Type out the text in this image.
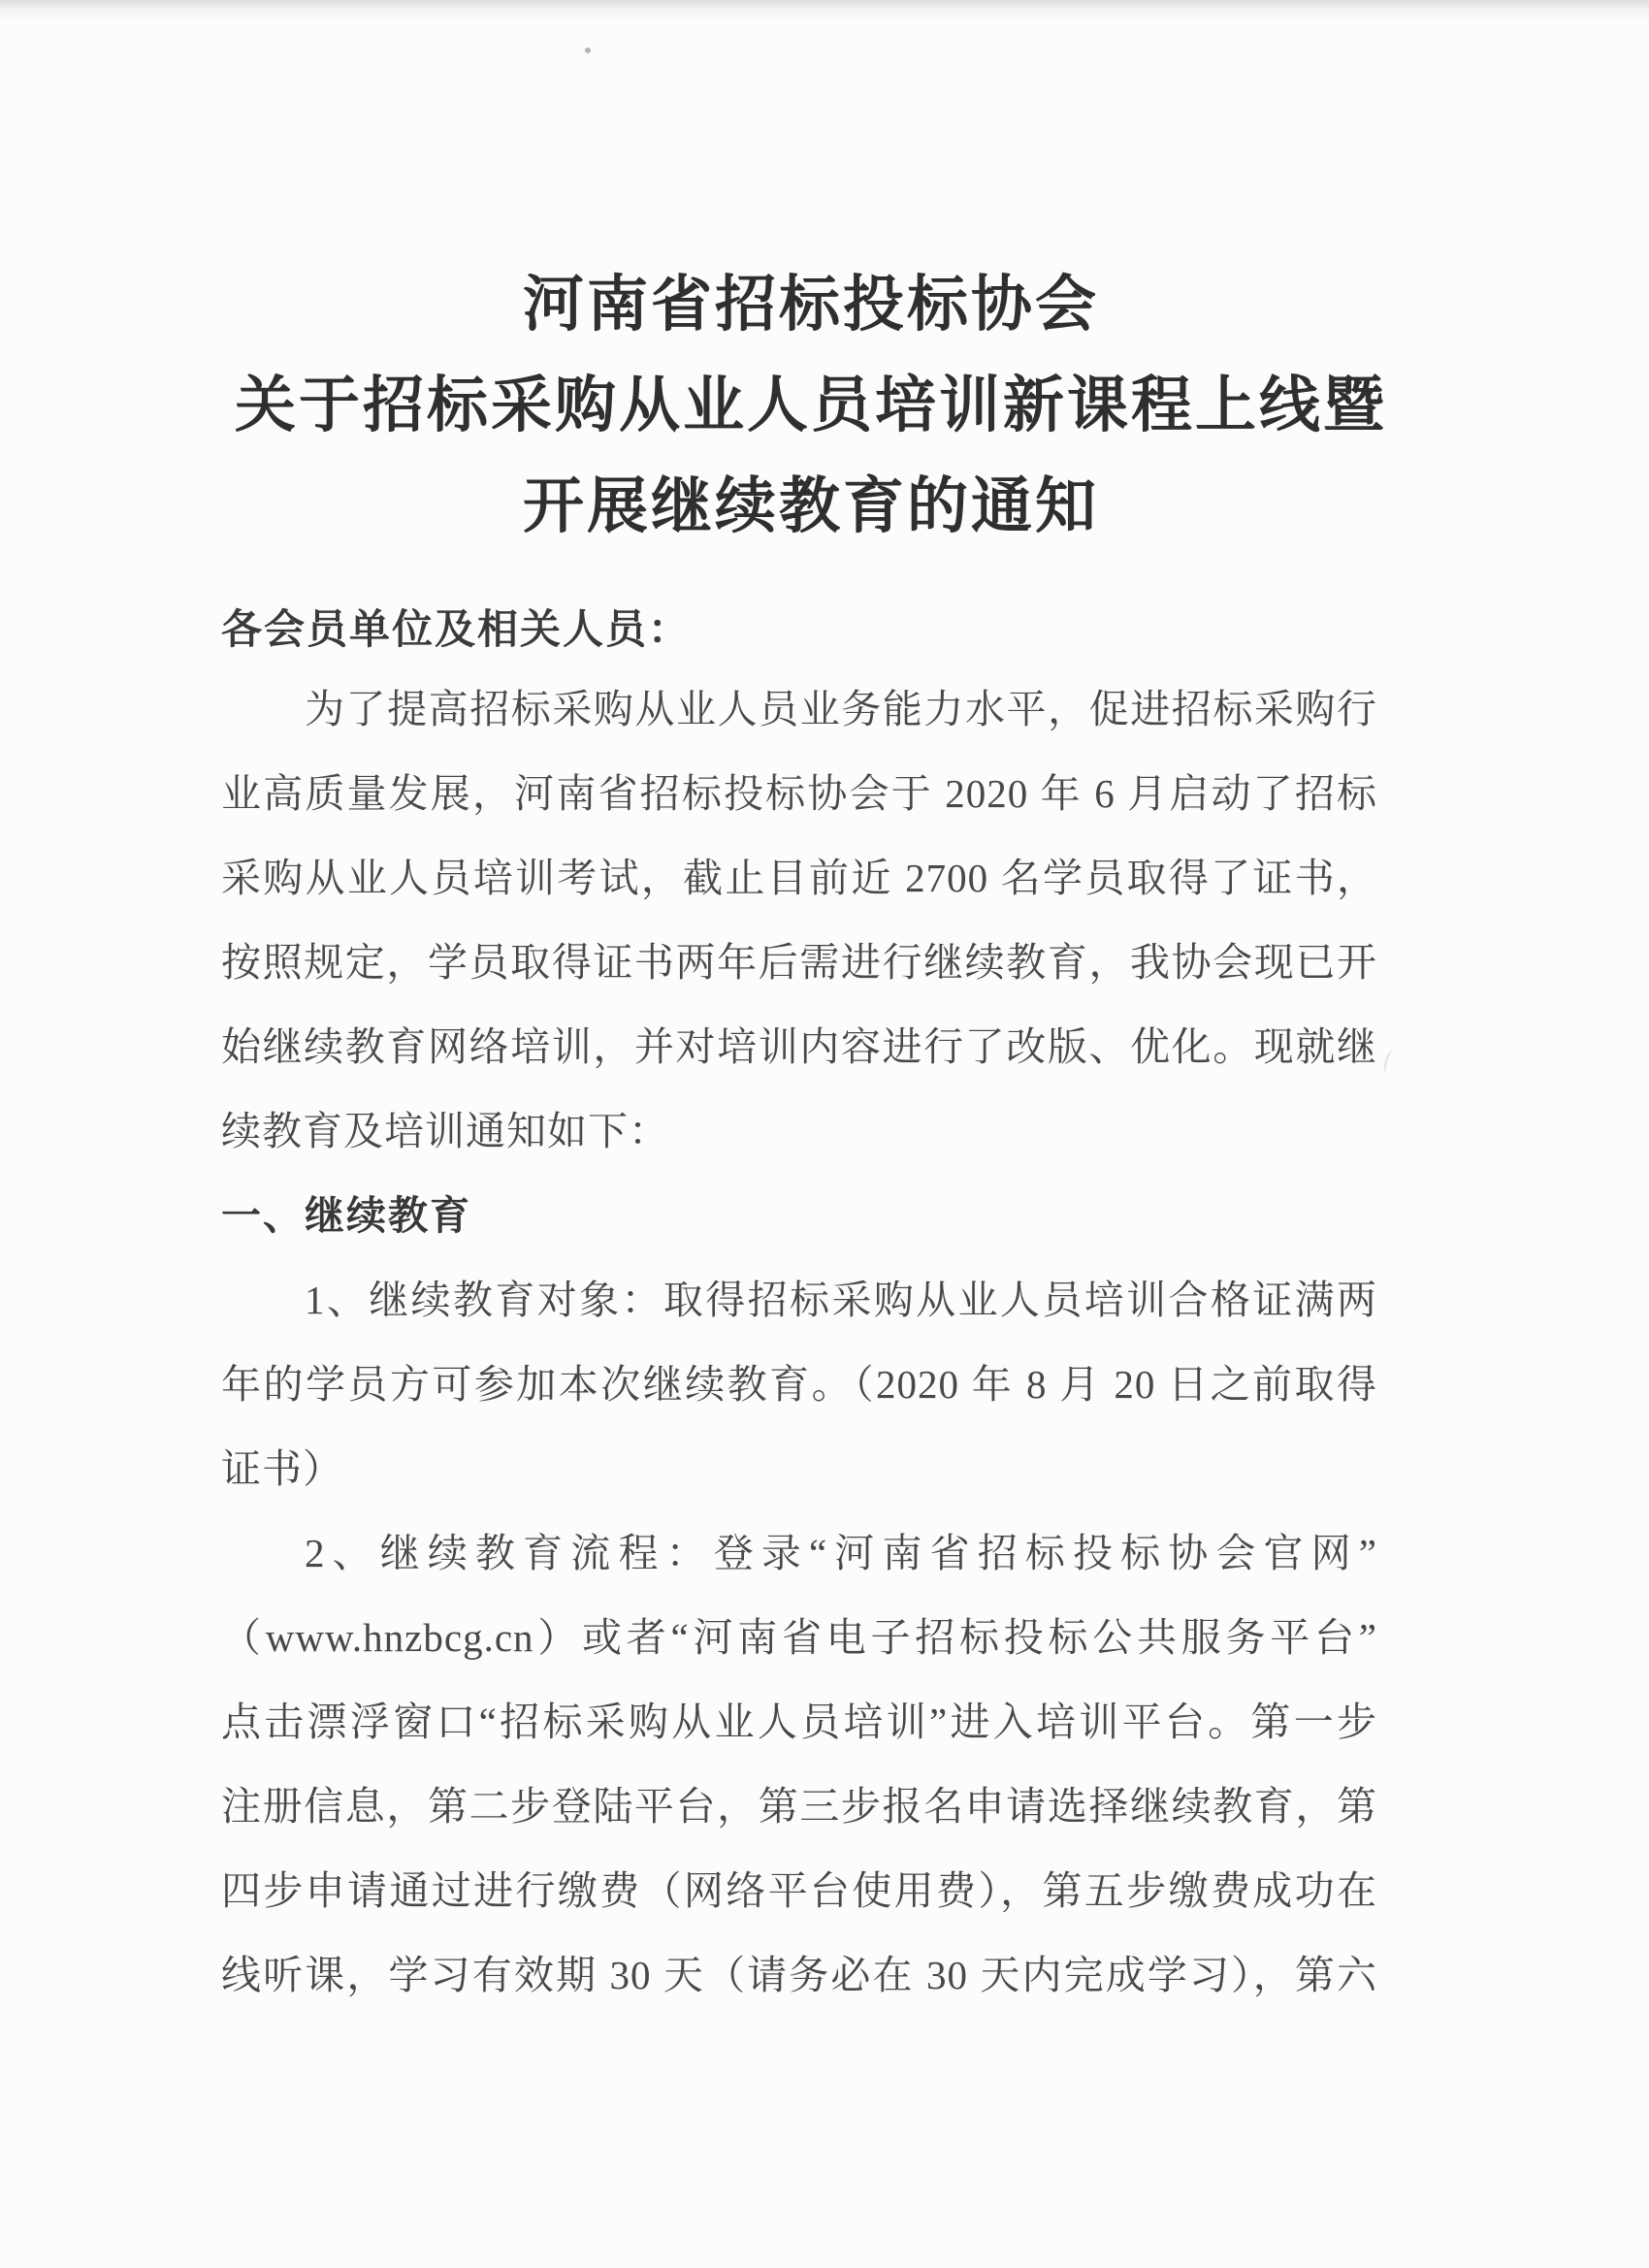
河南省招标投标协会
关于招标采购从业人员培训新课程上线暨
开展继续教育的通知
各会员单位及相关人员：
为了提高招标采购从业人员业务能力水平，促进招标采购行
业高质量发展，河南省招标投标协会于 2020 年 6 月启动了招标
采购从业人员培训考试，截止目前近 2700 名学员取得了证书，
按照规定，学员取得证书两年后需进行继续教育，我协会现已开
始继续教育网络培训，并对培训内容进行了改版、优化。现就继
续教育及培训通知如下：
一、继续教育
1、继续教育对象：取得招标采购从业人员培训合格证满两
年的学员方可参加本次继续教育。（2020 年 8 月 20 日之前取得
证书）
2、继续教育流程：登录“河南省招标投标协会官网”
（www.hnzbcg.cn）或者“河南省电子招标投标公共服务平台”
点击漂浮窗口“招标采购从业人员培训”进入培训平台。第一步
注册信息，第二步登陆平台，第三步报名申请选择继续教育，第
四步申请通过进行缴费（网络平台使用费），第五步缴费成功在
线听课，学习有效期 30 天（请务必在 30 天内完成学习），第六
